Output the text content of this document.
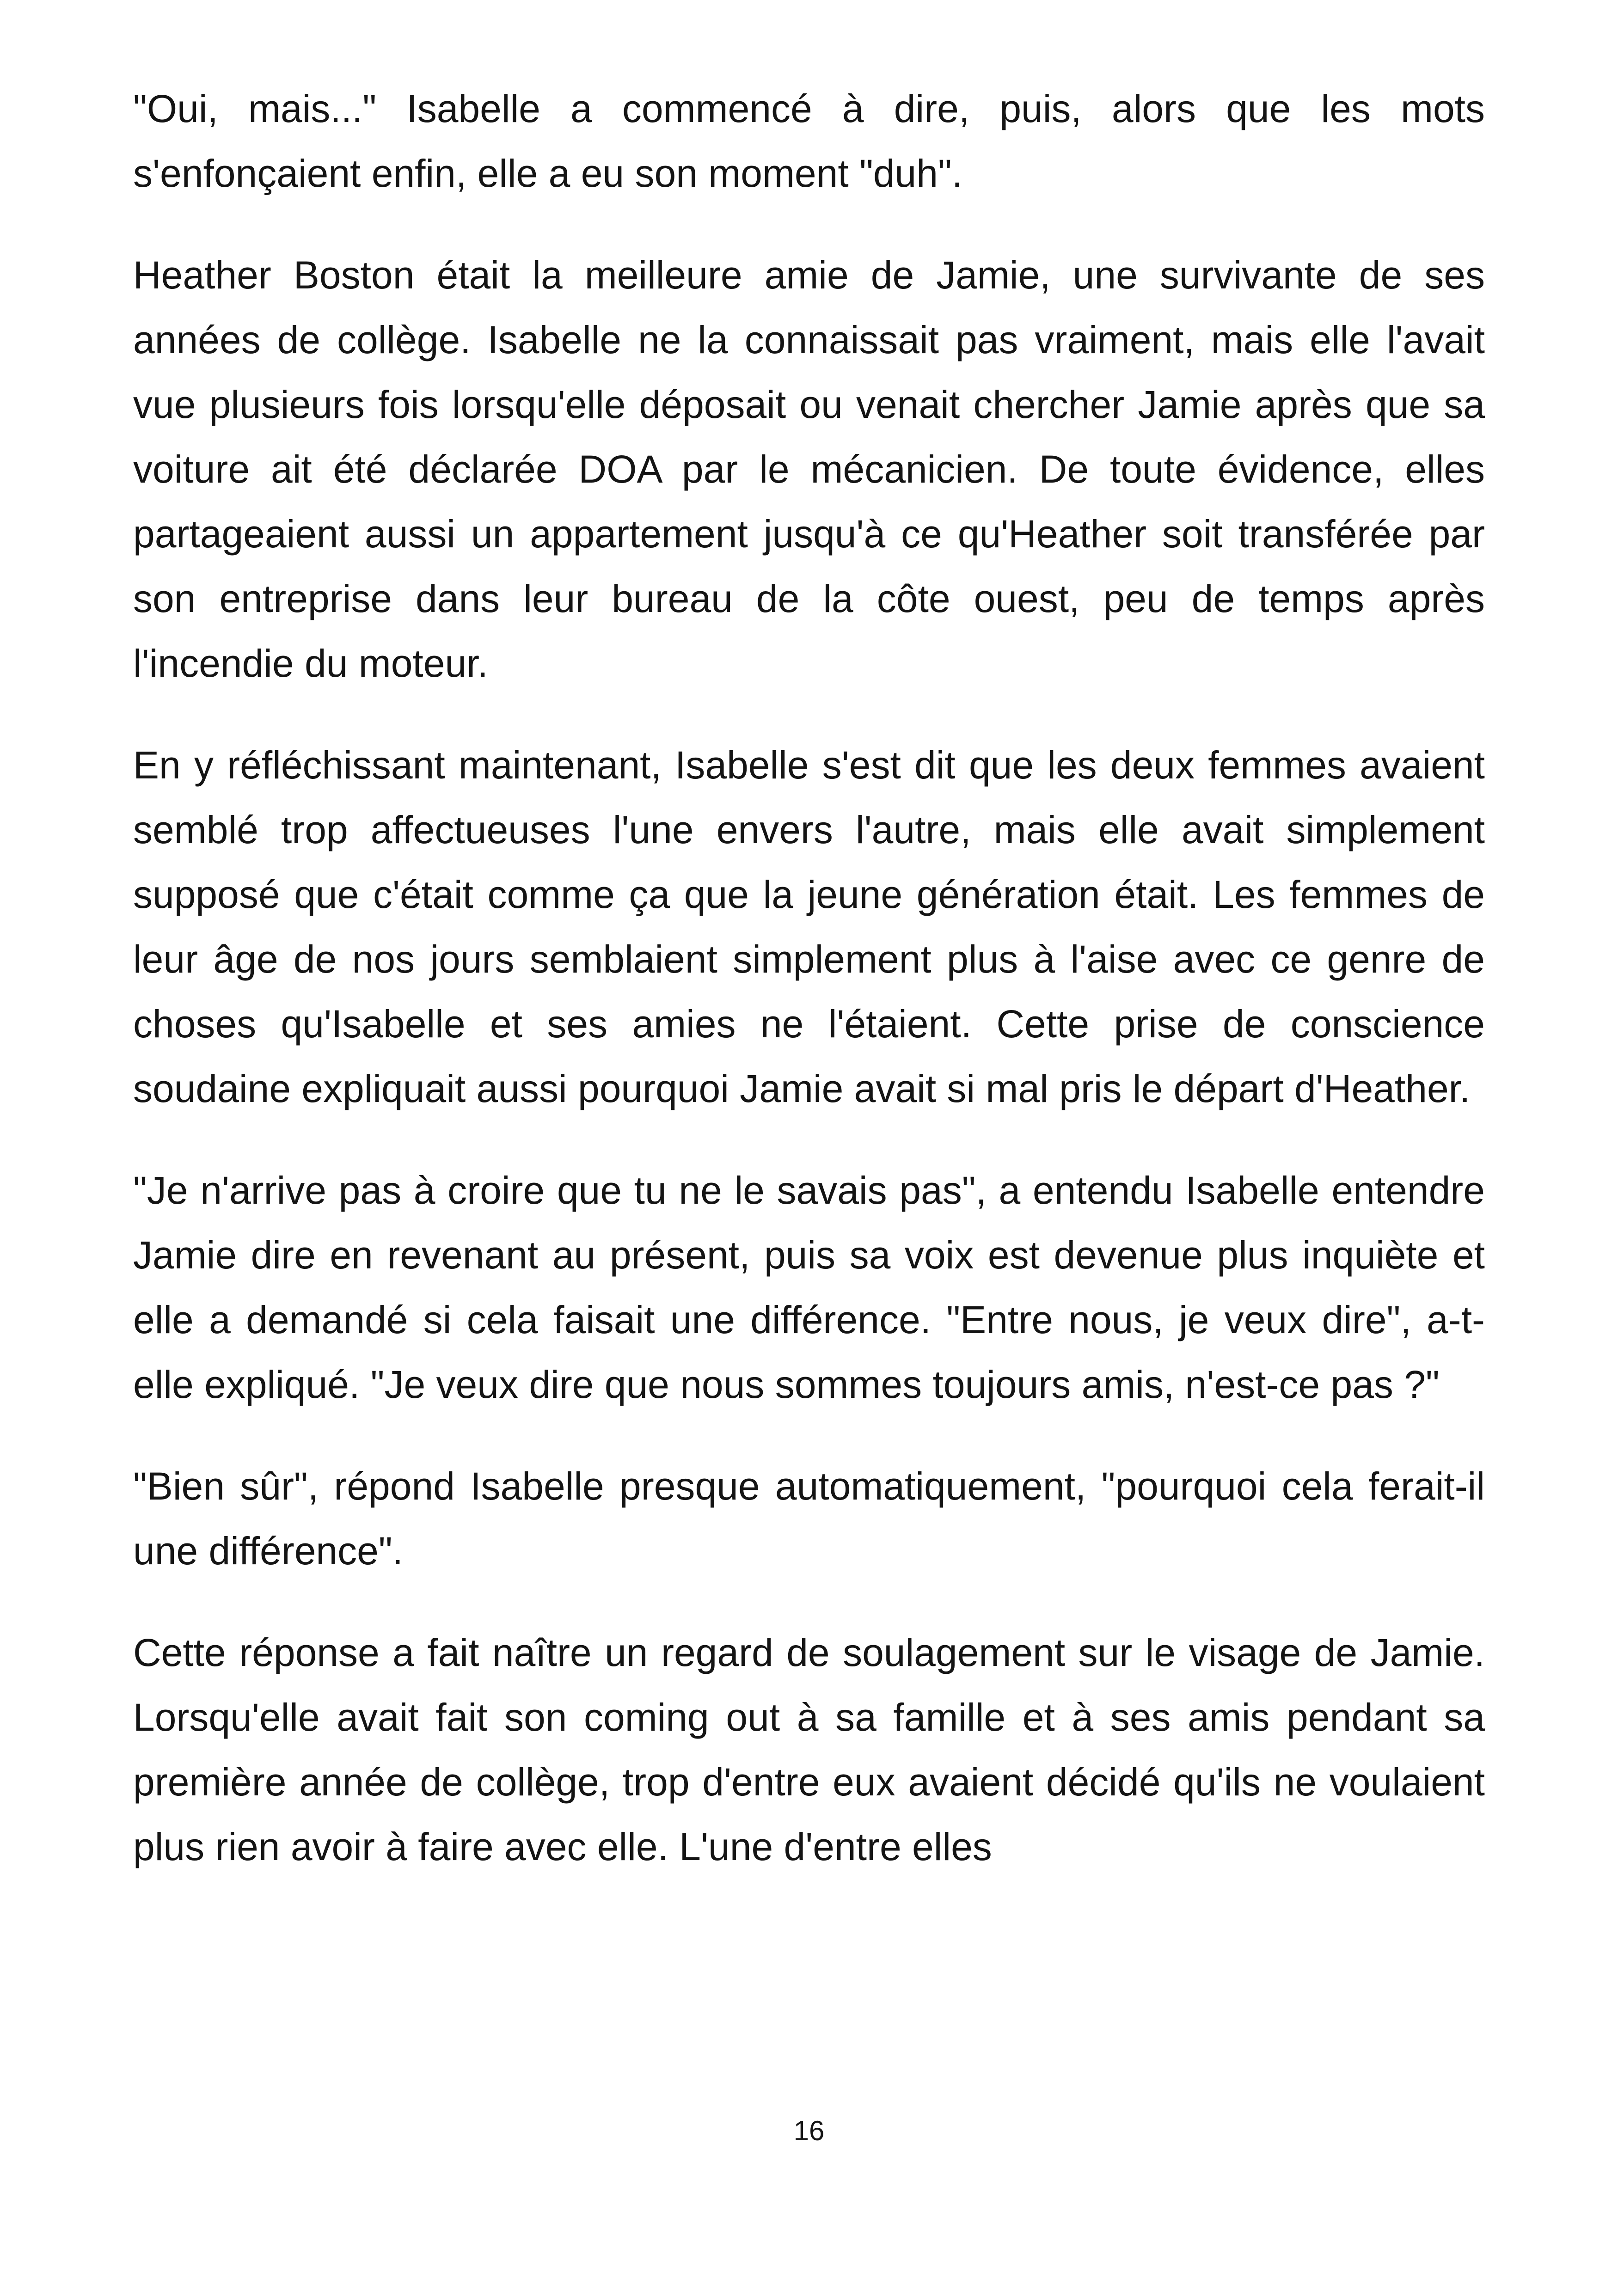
"Oui, mais..." Isabelle a commencé à dire, puis, alors que les mots s'enfonçaient enfin, elle a eu son moment "duh".

Heather Boston était la meilleure amie de Jamie, une survivante de ses années de collège. Isabelle ne la connaissait pas vraiment, mais elle l'avait vue plusieurs fois lorsqu'elle déposait ou venait chercher Jamie après que sa voiture ait été déclarée DOA par le mécanicien. De toute évidence, elles partageaient aussi un appartement jusqu'à ce qu'Heather soit transférée par son entreprise dans leur bureau de la côte ouest, peu de temps après l'incendie du moteur.

En y réfléchissant maintenant, Isabelle s'est dit que les deux femmes avaient semblé trop affectueuses l'une envers l'autre, mais elle avait simplement supposé que c'était comme ça que la jeune génération était. Les femmes de leur âge de nos jours semblaient simplement plus à l'aise avec ce genre de choses qu'Isabelle et ses amies ne l'étaient. Cette prise de conscience soudaine expliquait aussi pourquoi Jamie avait si mal pris le départ d'Heather.

"Je n'arrive pas à croire que tu ne le savais pas", a entendu Isabelle entendre Jamie dire en revenant au présent, puis sa voix est devenue plus inquiète et elle a demandé si cela faisait une différence. "Entre nous, je veux dire", a-t-elle expliqué. "Je veux dire que nous sommes toujours amis, n'est-ce pas ?"

"Bien sûr", répond Isabelle presque automatiquement, "pourquoi cela ferait-il une différence".

Cette réponse a fait naître un regard de soulagement sur le visage de Jamie. Lorsqu'elle avait fait son coming out à sa famille et à ses amis pendant sa première année de collège, trop d'entre eux avaient décidé qu'ils ne voulaient plus rien avoir à faire avec elle. L'une d'entre elles

16
